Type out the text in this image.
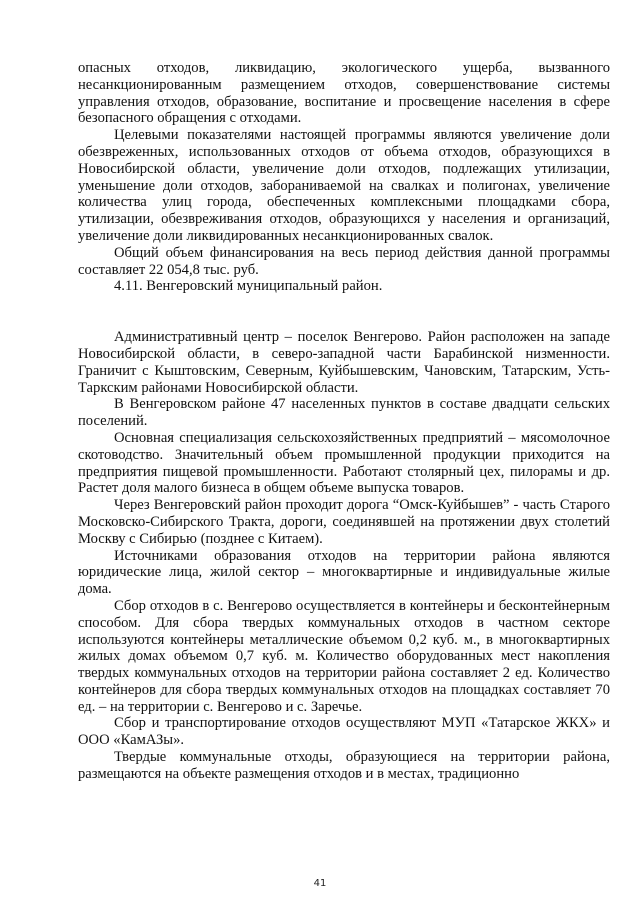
опасных отходов, ликвидацию, экологического ущерба, вызванного несанкционированным размещением отходов, совершенствование системы управления отходов, образование, воспитание и просвещение населения в сфере безопасного обращения с отходами.

Целевыми показателями настоящей программы являются увеличение доли обезвреженных, использованных отходов от объема отходов, образующихся в Новосибирской области, увеличение доли отходов, подлежащих утилизации, уменьшение доли отходов, забораниваемой на свалках и полигонах, увеличение количества улиц города, обеспеченных комплексными площадками сбора, утилизации, обезвреживания отходов, образующихся у населения и организаций, увеличение доли ликвидированных несанкционированных свалок.

Общий объем финансирования на весь период действия данной программы составляет 22 054,8 тыс. руб.

4.11. Венгеровский муниципальный район.

Административный центр – поселок Венгерово. Район расположен на западе Новосибирской области, в северо-западной части Барабинской низменности. Граничит с Кыштовским, Северным, Куйбышевским, Чановским, Татарским, Усть-Таркским районами Новосибирской области.

В Венгеровском районе 47 населенных пунктов в составе двадцати сельских поселений.

Основная специализация сельскохозяйственных предприятий – мясомолочное скотоводство. Значительный объем промышленной продукции приходится на предприятия пищевой промышленности. Работают столярный цех, пилорамы и др. Растет доля малого бизнеса в общем объеме выпуска товаров.

Через Венгеровский район проходит дорога “Омск-Куйбышев” - часть Старого Московско-Сибирского Тракта, дороги, соединявшей на протяжении двух столетий Москву с Сибирью (позднее с Китаем).

Источниками образования отходов на территории района являются юридические лица, жилой сектор – многоквартирные и индивидуальные жилые дома.

Сбор отходов в с. Венгерово осуществляется в контейнеры и бесконтейнерным способом. Для сбора твердых коммунальных отходов в частном секторе используются контейнеры металлические объемом 0,2 куб. м., в многоквартирных жилых домах объемом 0,7 куб. м. Количество оборудованных мест накопления твердых коммунальных отходов на территории района составляет 2 ед. Количество контейнеров для сбора твердых коммунальных отходов на площадках составляет 70 ед. – на территории с. Венгерово и с. Заречье.

Сбор и транспортирование отходов осуществляют МУП «Татарское ЖКХ» и ООО «КамАЗы».

Твердые коммунальные отходы, образующиеся на территории района, размещаются на объекте размещения отходов и в местах, традиционно

41
